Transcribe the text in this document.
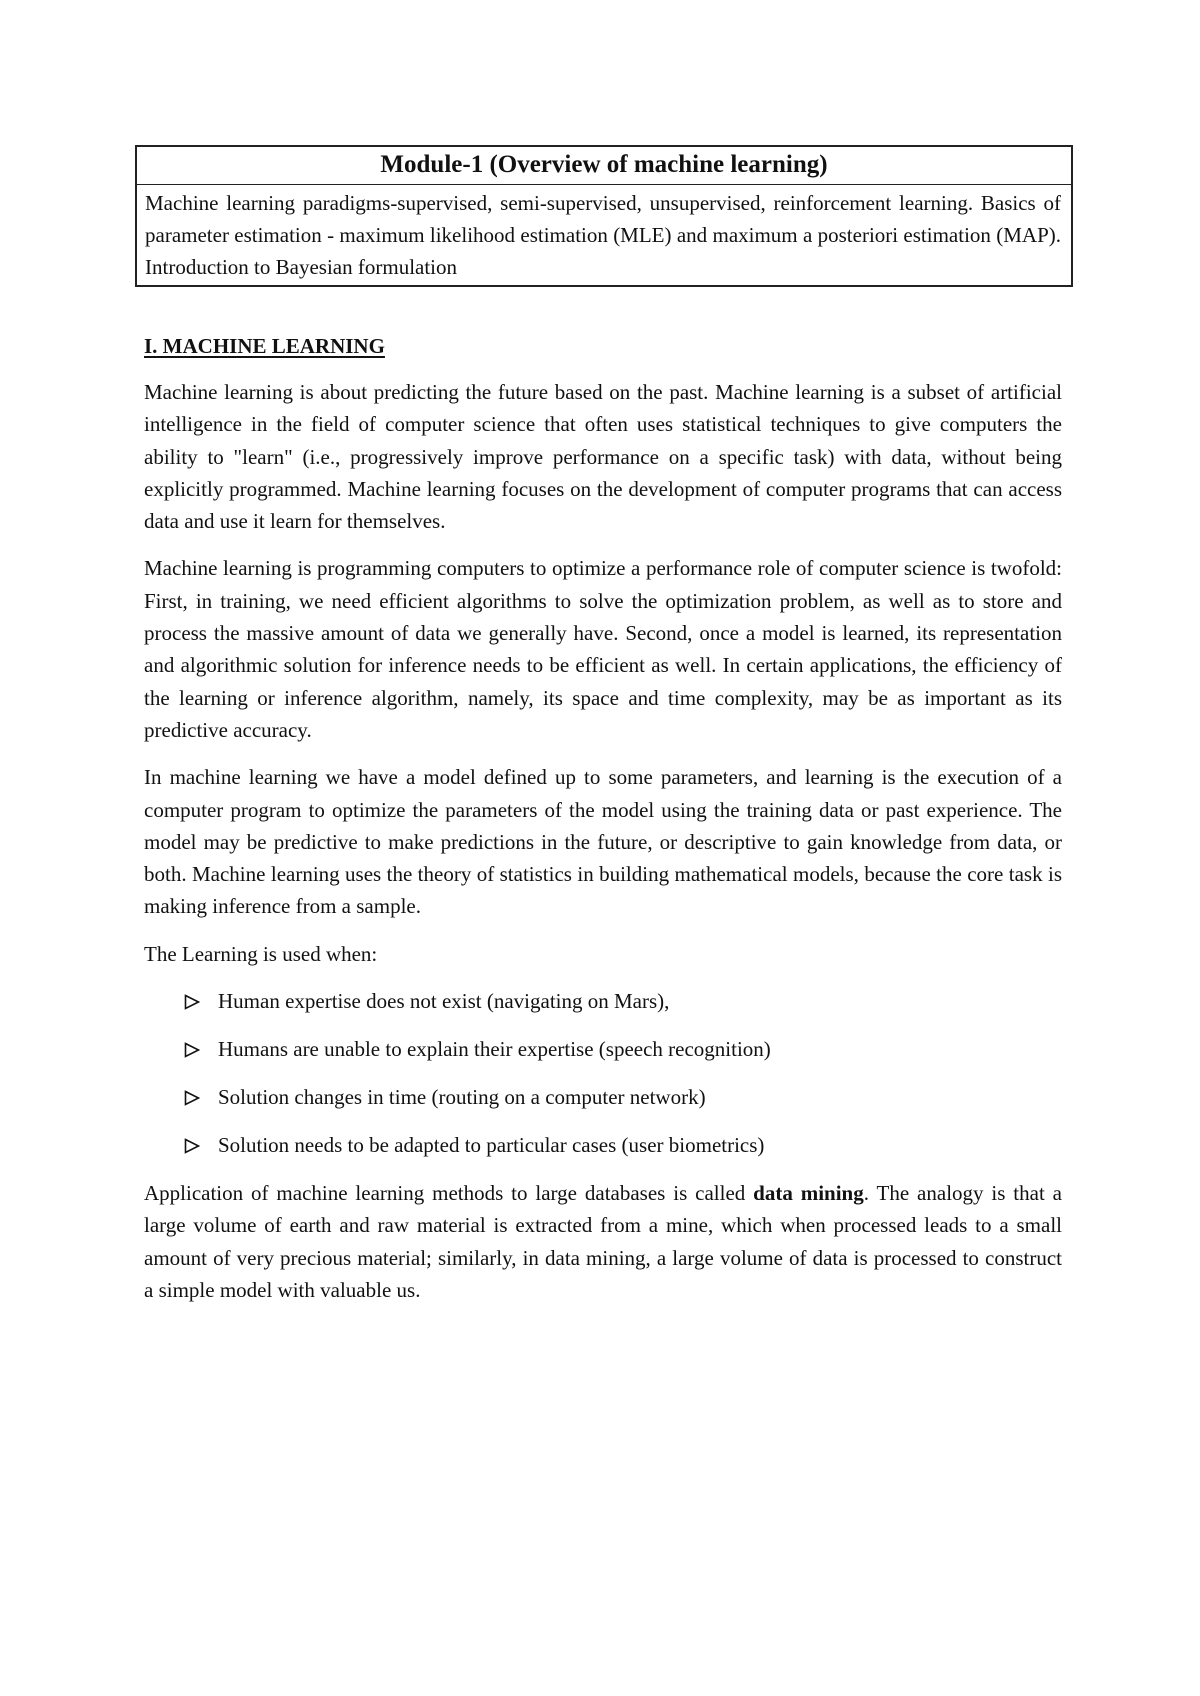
Module-1 (Overview of machine learning)
Machine learning paradigms-supervised, semi-supervised, unsupervised, reinforcement learning. Basics of parameter estimation - maximum likelihood estimation (MLE) and maximum a posteriori estimation (MAP). Introduction to Bayesian formulation
I. MACHINE LEARNING

Machine learning is about predicting the future based on the past. Machine learning is a subset of artificial intelligence in the field of computer science that often uses statistical techniques to give computers the ability to "learn" (i.e., progressively improve performance on a specific task) with data, without being explicitly programmed. Machine learning focuses on the development of computer programs that can access data and use it learn for themselves.

Machine learning is programming computers to optimize a performance role of computer science is twofold: First, in training, we need efficient algorithms to solve the optimization problem, as well as to store and process the massive amount of data we generally have. Second, once a model is learned, its representation and algorithmic solution for inference needs to be efficient as well. In certain applications, the efficiency of the learning or inference algorithm, namely, its space and time complexity, may be as important as its predictive accuracy.

In machine learning we have a model defined up to some parameters, and learning is the execution of a computer program to optimize the parameters of the model using the training data or past experience. The model may be predictive to make predictions in the future, or descriptive to gain knowledge from data, or both. Machine learning uses the theory of statistics in building mathematical models, because the core task is making inference from a sample.

The Learning is used when:
Human expertise does not exist (navigating on Mars),
Humans are unable to explain their expertise (speech recognition)
Solution changes in time (routing on a computer network)
Solution needs to be adapted to particular cases (user biometrics)

Application of machine learning methods to large databases is called data mining. The analogy is that a large volume of earth and raw material is extracted from a mine, which when processed leads to a small amount of very precious material; similarly, in data mining, a large volume of data is processed to construct a simple model with valuable us.
